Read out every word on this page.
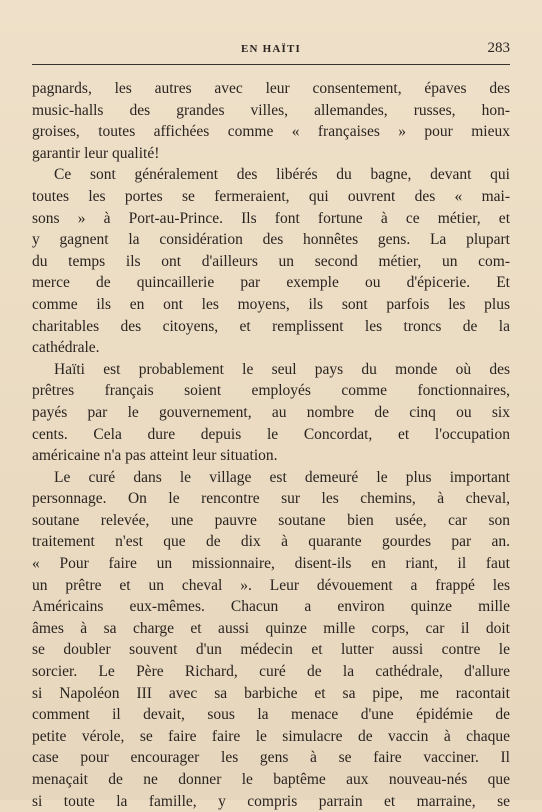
EN HAÏTI	283

pagnards, les autres avec leur consentement, épaves des
music-halls des grandes villes, allemandes, russes, hon-
groises, toutes affichées comme « françaises » pour mieux
garantir leur qualité!

Ce sont généralement des libérés du bagne, devant qui
toutes les portes se fermeraient, qui ouvrent des « mai-
sons » à Port-au-Prince. Ils font fortune à ce métier, et
y gagnent la considération des honnêtes gens. La plupart
du temps ils ont d'ailleurs un second métier, un com-
merce de quincaillerie par exemple ou d'épicerie. Et
comme ils en ont les moyens, ils sont parfois les plus
charitables des citoyens, et remplissent les troncs de la
cathédrale.

Haïti est probablement le seul pays du monde où des
prêtres français soient employés comme fonctionnaires,
payés par le gouvernement, au nombre de cinq ou six
cents. Cela dure depuis le Concordat, et l'occupation
américaine n'a pas atteint leur situation.

Le curé dans le village est demeuré le plus important
personnage. On le rencontre sur les chemins, à cheval,
soutane relevée, une pauvre soutane bien usée, car son
traitement n'est que de dix à quarante gourdes par an.
« Pour faire un missionnaire, disent-ils en riant, il faut
un prêtre et un cheval ». Leur dévouement a frappé les
Américains eux-mêmes. Chacun a environ quinze mille
âmes à sa charge et aussi quinze mille corps, car il doit
se doubler souvent d'un médecin et lutter aussi contre le
sorcier. Le Père Richard, curé de la cathédrale, d'allure
si Napoléon III avec sa barbiche et sa pipe, me racontait
comment il devait, sous la menace d'une épidémie de
petite vérole, se faire faire le simulacre de vaccin à chaque
case pour encourager les gens à se faire vacciner. Il
menaçait de ne donner le baptême aux nouveau-nés que
si toute la famille, y compris parrain et marraine, se
